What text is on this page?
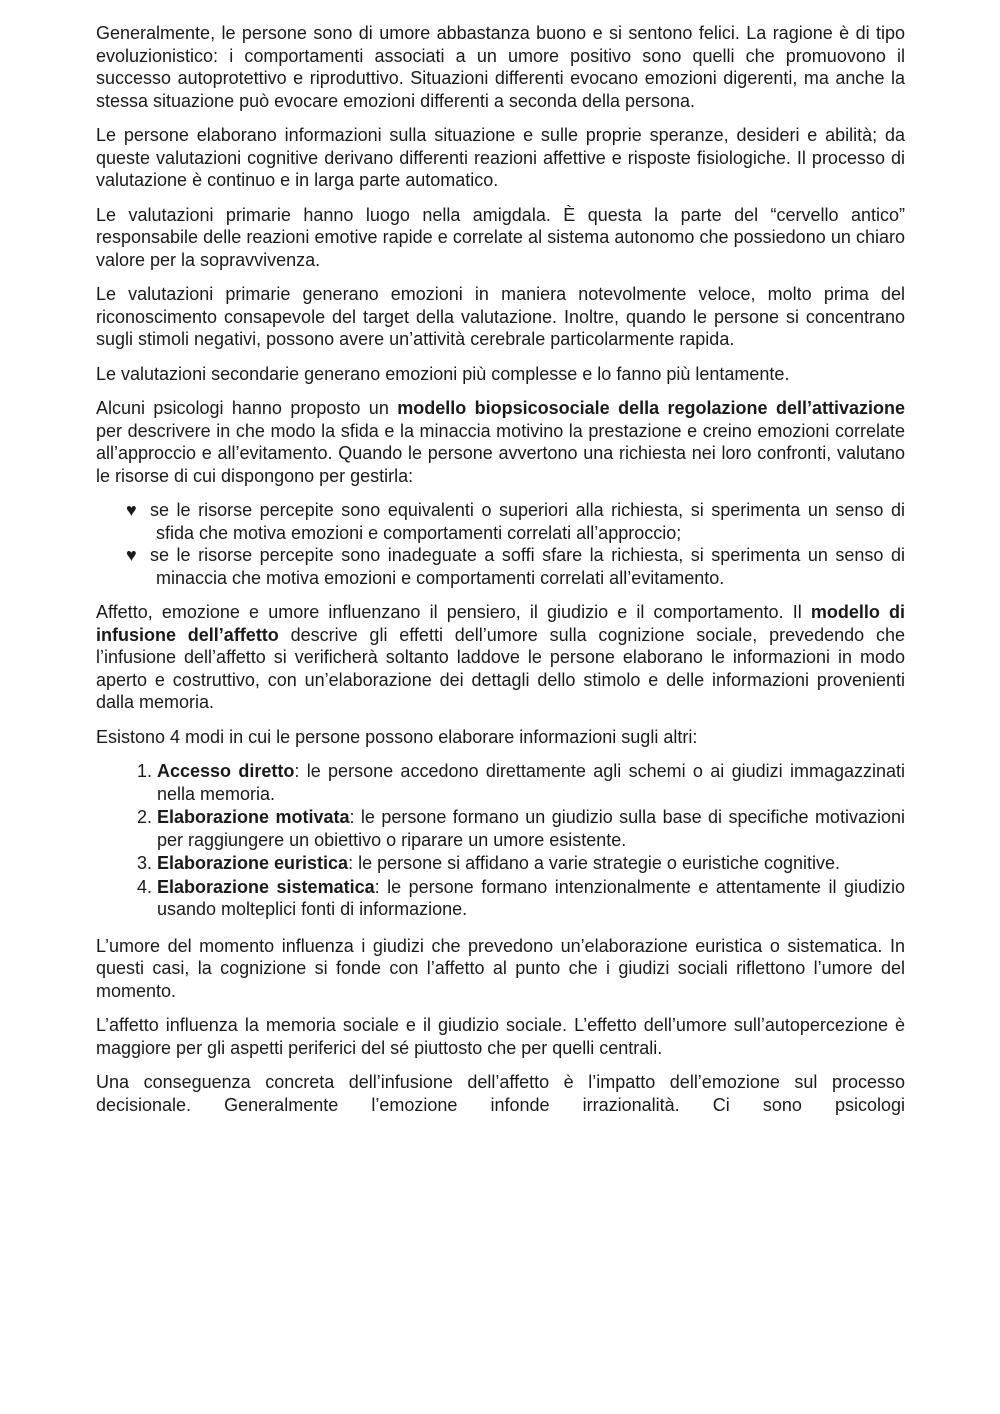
Generalmente, le persone sono di umore abbastanza buono e si sentono felici. La ragione è di tipo evoluzionistico: i comportamenti associati a un umore positivo sono quelli che promuovono il successo autoprotettivo e riproduttivo. Situazioni differenti evocano emozioni digerenti, ma anche la stessa situazione può evocare emozioni differenti a seconda della persona.

Le persone elaborano informazioni sulla situazione e sulle proprie speranze, desideri e abilità; da queste valutazioni cognitive derivano differenti reazioni affettive e risposte fisiologiche. Il processo di valutazione è continuo e in larga parte automatico.

Le valutazioni primarie hanno luogo nella amigdala. È questa la parte del “cervello antico” responsabile delle reazioni emotive rapide e correlate al sistema autonomo che possiedono un chiaro valore per la sopravvivenza.

Le valutazioni primarie generano emozioni in maniera notevolmente veloce, molto prima del riconoscimento consapevole del target della valutazione. Inoltre, quando le persone si concentrano sugli stimoli negativi, possono avere un’attività cerebrale particolarmente rapida.

Le valutazioni secondarie generano emozioni più complesse e lo fanno più lentamente.

Alcuni psicologi hanno proposto un modello biopsicosociale della regolazione dell’attivazione per descrivere in che modo la sfida e la minaccia motivino la prestazione e creino emozioni correlate all’approccio e all’evitamento. Quando le persone avvertono una richiesta nei loro confronti, valutano le risorse di cui dispongono per gestirla:

♥ se le risorse percepite sono equivalenti o superiori alla richiesta, si sperimenta un senso di sfida che motiva emozioni e comportamenti correlati all’approccio;
♥ se le risorse percepite sono inadeguate a soffi sfare la richiesta, si sperimenta un senso di minaccia che motiva emozioni e comportamenti correlati all’evitamento.

Affetto, emozione e umore influenzano il pensiero, il giudizio e il comportamento. Il modello di infusione dell’affetto descrive gli effetti dell’umore sulla cognizione sociale, prevedendo che l’infusione dell’affetto si verificherà soltanto laddove le persone elaborano le informazioni in modo aperto e costruttivo, con un’elaborazione dei dettagli dello stimolo e delle informazioni provenienti dalla memoria.

Esistono 4 modi in cui le persone possono elaborare informazioni sugli altri:

1. Accesso diretto: le persone accedono direttamente agli schemi o ai giudizi immagazzinati nella memoria.
2. Elaborazione motivata: le persone formano un giudizio sulla base di specifiche motivazioni per raggiungere un obiettivo o riparare un umore esistente.
3. Elaborazione euristica: le persone si affidano a varie strategie o euristiche cognitive.
4. Elaborazione sistematica: le persone formano intenzionalmente e attentamente il giudizio usando molteplici fonti di informazione.

L’umore del momento influenza i giudizi che prevedono un’elaborazione euristica o sistematica. In questi casi, la cognizione si fonde con l’affetto al punto che i giudizi sociali riflettono l’umore del momento.

L’affetto influenza la memoria sociale e il giudizio sociale. L’effetto dell’umore sull’autopercezione è maggiore per gli aspetti periferici del sé piuttosto che per quelli centrali.

Una conseguenza concreta dell’infusione dell’affetto è l’impatto dell’emozione sul processo decisionale. Generalmente l’emozione infonde irrazionalità. Ci sono psicologi
